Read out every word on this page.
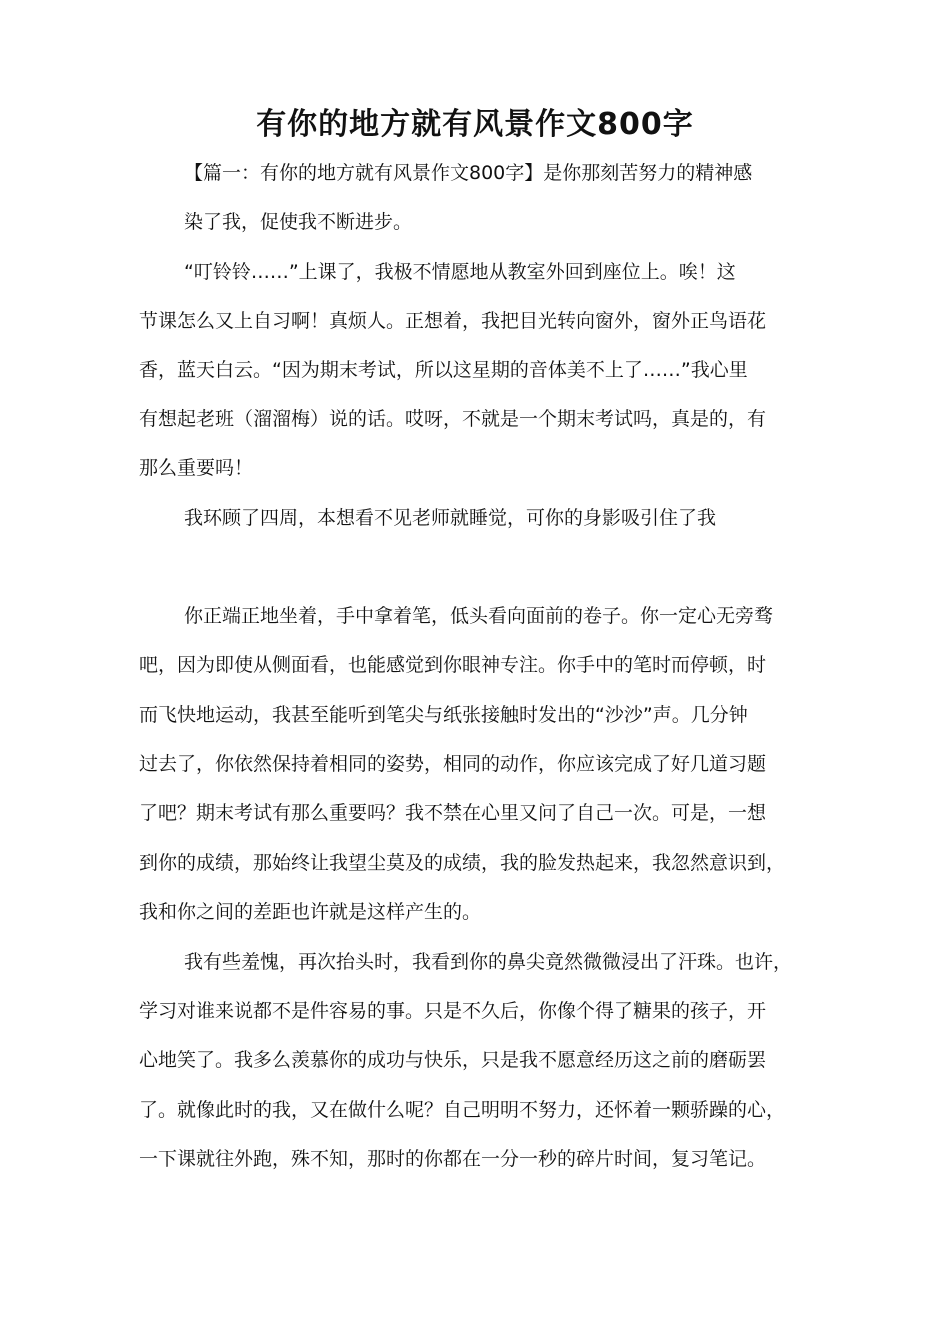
有你的地方就有风景作文800字

【篇一：有你的地方就有风景作文800字】是你那刻苦努力的精神感

染了我，促使我不断进步。

“叮铃铃……”上课了，我极不情愿地从教室外回到座位上。唉！这

节课怎么又上自习啊！真烦人。正想着，我把目光转向窗外，窗外正鸟语花

香，蓝天白云。“因为期末考试，所以这星期的音体美不上了……”我心里

有想起老班（溜溜梅）说的话。哎呀，不就是一个期末考试吗，真是的，有

那么重要吗！

我环顾了四周，本想看不见老师就睡觉，可你的身影吸引住了我

你正端正地坐着，手中拿着笔，低头看向面前的卷子。你一定心无旁骛

吧，因为即使从侧面看，也能感觉到你眼神专注。你手中的笔时而停顿，时

而飞快地运动，我甚至能听到笔尖与纸张接触时发出的“沙沙”声。几分钟

过去了，你依然保持着相同的姿势，相同的动作，你应该完成了好几道习题

了吧？期末考试有那么重要吗？我不禁在心里又问了自己一次。可是，一想

到你的成绩，那始终让我望尘莫及的成绩，我的脸发热起来，我忽然意识到，

我和你之间的差距也许就是这样产生的。

我有些羞愧，再次抬头时，我看到你的鼻尖竟然微微浸出了汗珠。也许，

学习对谁来说都不是件容易的事。只是不久后，你像个得了糖果的孩子，开

心地笑了。我多么羡慕你的成功与快乐，只是我不愿意经历这之前的磨砺罢

了。就像此时的我，又在做什么呢？自己明明不努力，还怀着一颗骄躁的心，

一下课就往外跑，殊不知，那时的你都在一分一秒的碎片时间，复习笔记。
